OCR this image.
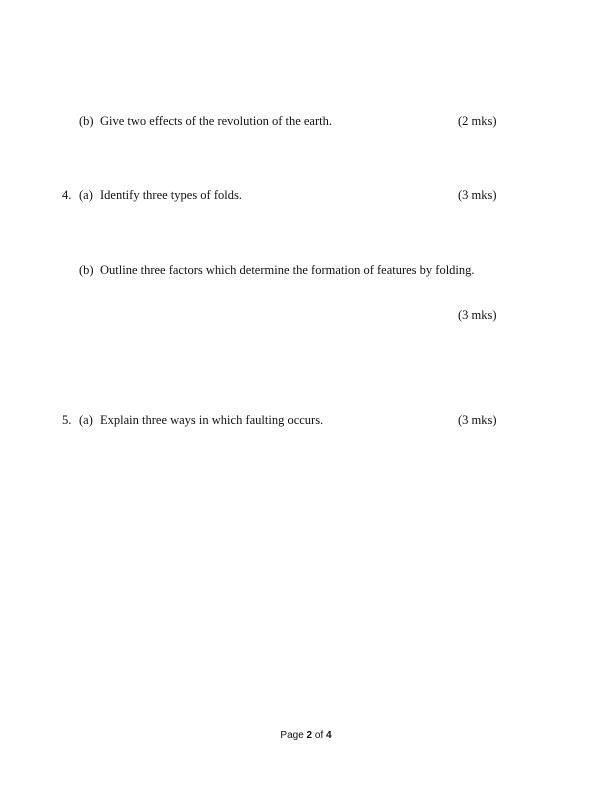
(b) Give two effects of the revolution of the earth.	(2 mks)
4. (a) Identify three types of folds.	(3 mks)
(b) Outline three factors which determine the formation of features by folding.
(3 mks)
5. (a) Explain three ways in which faulting occurs.	(3 mks)
Page 2 of 4
